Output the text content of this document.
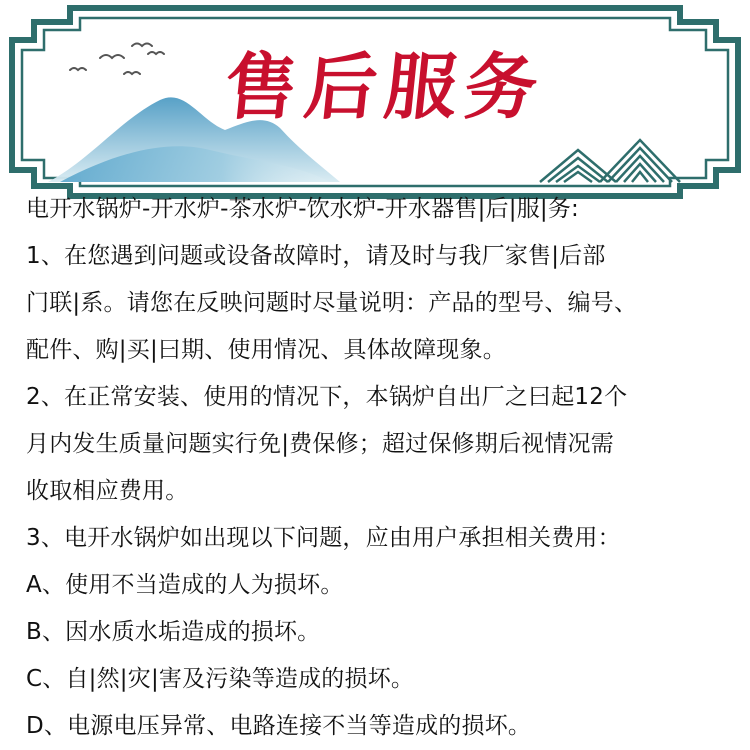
售后服务
电开水锅炉-开水炉-茶水炉-饮水炉-开水器售|后|服|务:
1、在您遇到问题或设备故障时，请及时与我厂家售|后部
门联|系。请您在反映问题时尽量说明：产品的型号、编号、
配件、购|买|曰期、使用情况、具体故障现象。
2、在正常安装、使用的情况下，本锅炉自出厂之曰起12个
月内发生质量问题实行免|费保修；超过保修期后视情况需
收取相应费用。
3、电开水锅炉如出现以下问题，应由用户承担相关费用：
A、使用不当造成的人为损坏。
B、因水质水垢造成的损坏。
C、自|然|灾|害及污染等造成的损坏。
D、电源电压异常、电路连接不当等造成的损坏。
